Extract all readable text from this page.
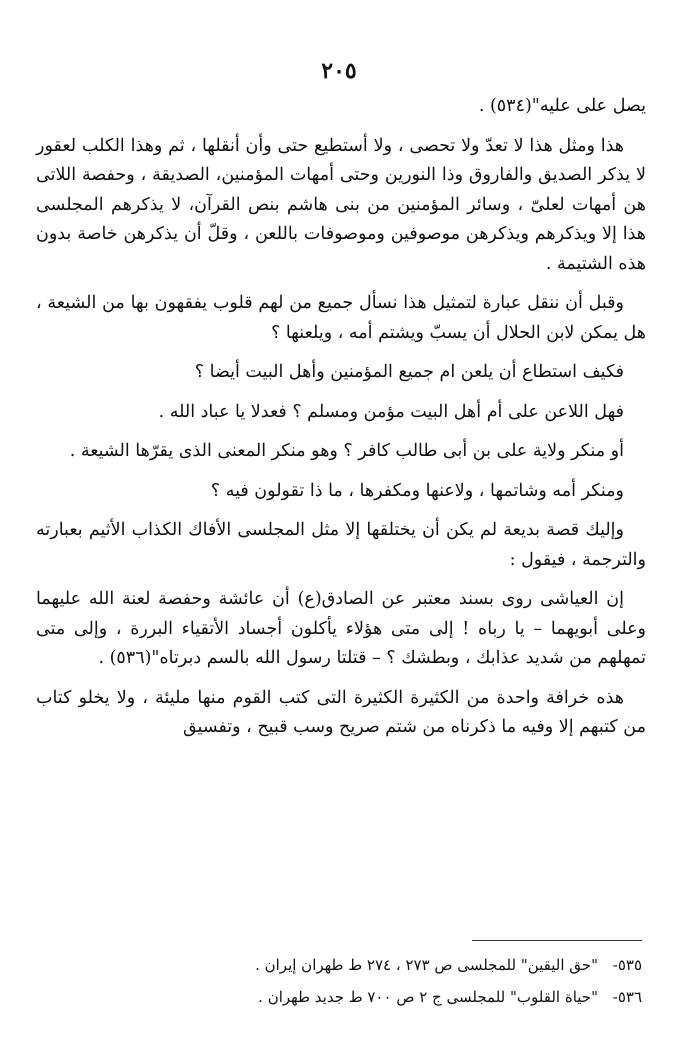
٢٠٥

يصل على عليه"(٥٣٤) .

هذا ومثل هذا لا تعدّ ولا تحصى ، ولا أستطيع حتى وأن أنقلها ، ثم وهذا الكلب لعقور لا يذكر الصديق والفاروق وذا النورين وحتى أمهات المؤمنين، الصديقة ، وحفصة اللاتى هن أمهات لعلىّ ، وسائر المؤمنين من بنى هاشم بنص القرآن، لا يذكرهم المجلسى هذا إلا ويذكرهم ويذكرهن موصوفين وموصوفات باللعن ، وقلّ أن يذكرهن خاصة بدون هذه الشتيمة .

وقبل أن ننقل عبارة لتمثيل هذا نسأل جميع من لهم قلوب يفقهون بها من الشيعة ، هل يمكن لابن الحلال أن يسبّ ويشتم أمه ، ويلعنها ؟

فكيف استطاع أن يلعن ام جميع المؤمنين وأهل البيت أيضا ؟

فهل اللاعن على أم أهل البيت مؤمن ومسلم ؟ فعدلا يا عباد الله .

أو منكر ولاية على بن أبى طالب كافر ؟ وهو منكر المعنى الذى يقرّها الشيعة .

ومنكر أمه وشاتمها ، ولاعنها ومكفرها ، ما ذا تقولون فيه ؟

وإليك قصة بديعة لم يكن أن يختلقها إلا مثل المجلسى الأفاك الكذاب الأثيم بعبارته والترجمة ، فيقول :

إن العياشى روى بسند معتبر عن الصادق(ع) أن عائشة وحفصة لعنة الله عليهما وعلى أبويهما – يا رباه ! إلى متى هؤلاء يأكلون أجساد الأتقياء البررة ، وإلى متى تمهلهم من شديد عذابك ، وبطشك ؟ – قتلتا رسول الله بالسم دبرتاه"(٥٣٦) .

هذه خرافة واحدة من الكثيرة الكثيرة التى كتب القوم منها مليئة ، ولا يخلو كتاب من كتبهم إلا وفيه ما ذكرناه من شتم صريح وسب قبيح ، وتفسيق

٥٣٥- "حق اليقين" للمجلسى ص ٢٧٣ ، ٢٧٤ ط طهران إيران .

٥٣٦- "حياة القلوب" للمجلسى ج ٢ ص ٧٠٠ ط جديد طهران .
